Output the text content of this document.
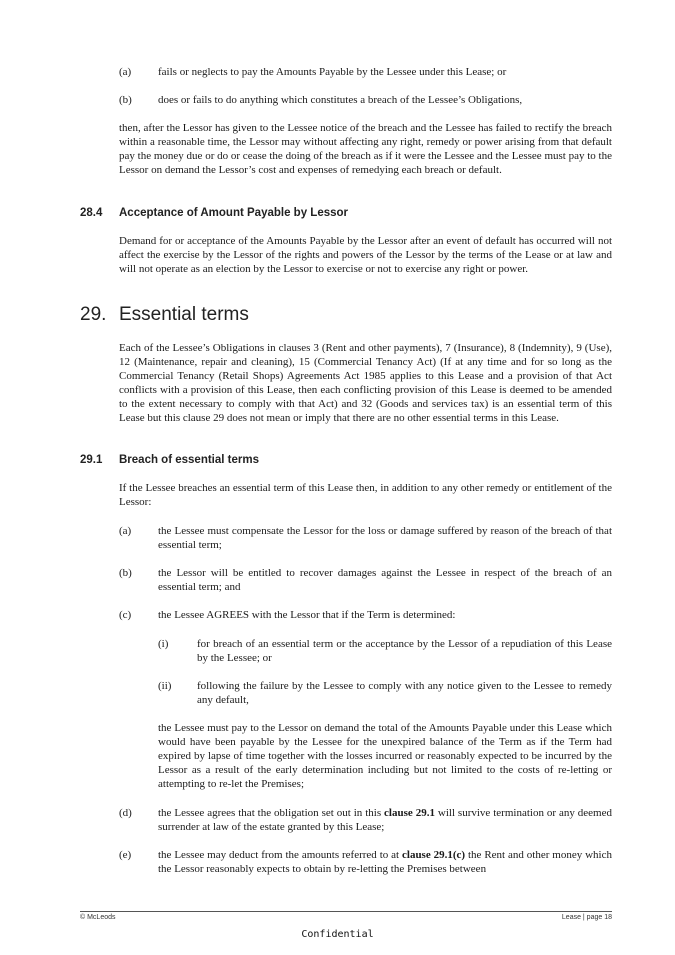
(a) fails or neglects to pay the Amounts Payable by the Lessee under this Lease; or
(b) does or fails to do anything which constitutes a breach of the Lessee’s Obligations,
then, after the Lessor has given to the Lessee notice of the breach and the Lessee has failed to rectify the breach within a reasonable time, the Lessor may without affecting any right, remedy or power arising from that default pay the money due or do or cease the doing of the breach as if it were the Lessee and the Lessee must pay to the Lessor on demand the Lessor’s cost and expenses of remedying each breach or default.
28.4 Acceptance of Amount Payable by Lessor
Demand for or acceptance of the Amounts Payable by the Lessor after an event of default has occurred will not affect the exercise by the Lessor of the rights and powers of the Lessor by the terms of the Lease or at law and will not operate as an election by the Lessor to exercise or not to exercise any right or power.
29. Essential terms
Each of the Lessee’s Obligations in clauses 3 (Rent and other payments), 7 (Insurance), 8 (Indemnity), 9 (Use), 12 (Maintenance, repair and cleaning), 15 (Commercial Tenancy Act) (If at any time and for so long as the Commercial Tenancy (Retail Shops) Agreements Act 1985 applies to this Lease and a provision of that Act conflicts with a provision of this Lease, then each conflicting provision of this Lease is deemed to be amended to the extent necessary to comply with that Act) and 32 (Goods and services tax) is an essential term of this Lease but this clause 29 does not mean or imply that there are no other essential terms in this Lease.
29.1 Breach of essential terms
If the Lessee breaches an essential term of this Lease then, in addition to any other remedy or entitlement of the Lessor:
(a) the Lessee must compensate the Lessor for the loss or damage suffered by reason of the breach of that essential term;
(b) the Lessor will be entitled to recover damages against the Lessee in respect of the breach of an essential term; and
(c) the Lessee AGREES with the Lessor that if the Term is determined:
(i)	for breach of an essential term or the acceptance by the Lessor of a repudiation of this Lease by the Lessee; or
(ii) following the failure by the Lessee to comply with any notice given to the Lessee to remedy any default,
the Lessee must pay to the Lessor on demand the total of the Amounts Payable under this Lease which would have been payable by the Lessee for the unexpired balance of the Term as if the Term had expired by lapse of time together with the losses incurred or reasonably expected to be incurred by the Lessor as a result of the early determination including but not limited to the costs of re-letting or attempting to re-let the Premises;
(d) the Lessee agrees that the obligation set out in this clause 29.1 will survive termination or any deemed surrender at law of the estate granted by this Lease;
(e) the Lessee may deduct from the amounts referred to at clause 29.1(c) the Rent and other money which the Lessor reasonably expects to obtain by re-letting the Premises between
© McLeods	Lease | page 18
Confidential
